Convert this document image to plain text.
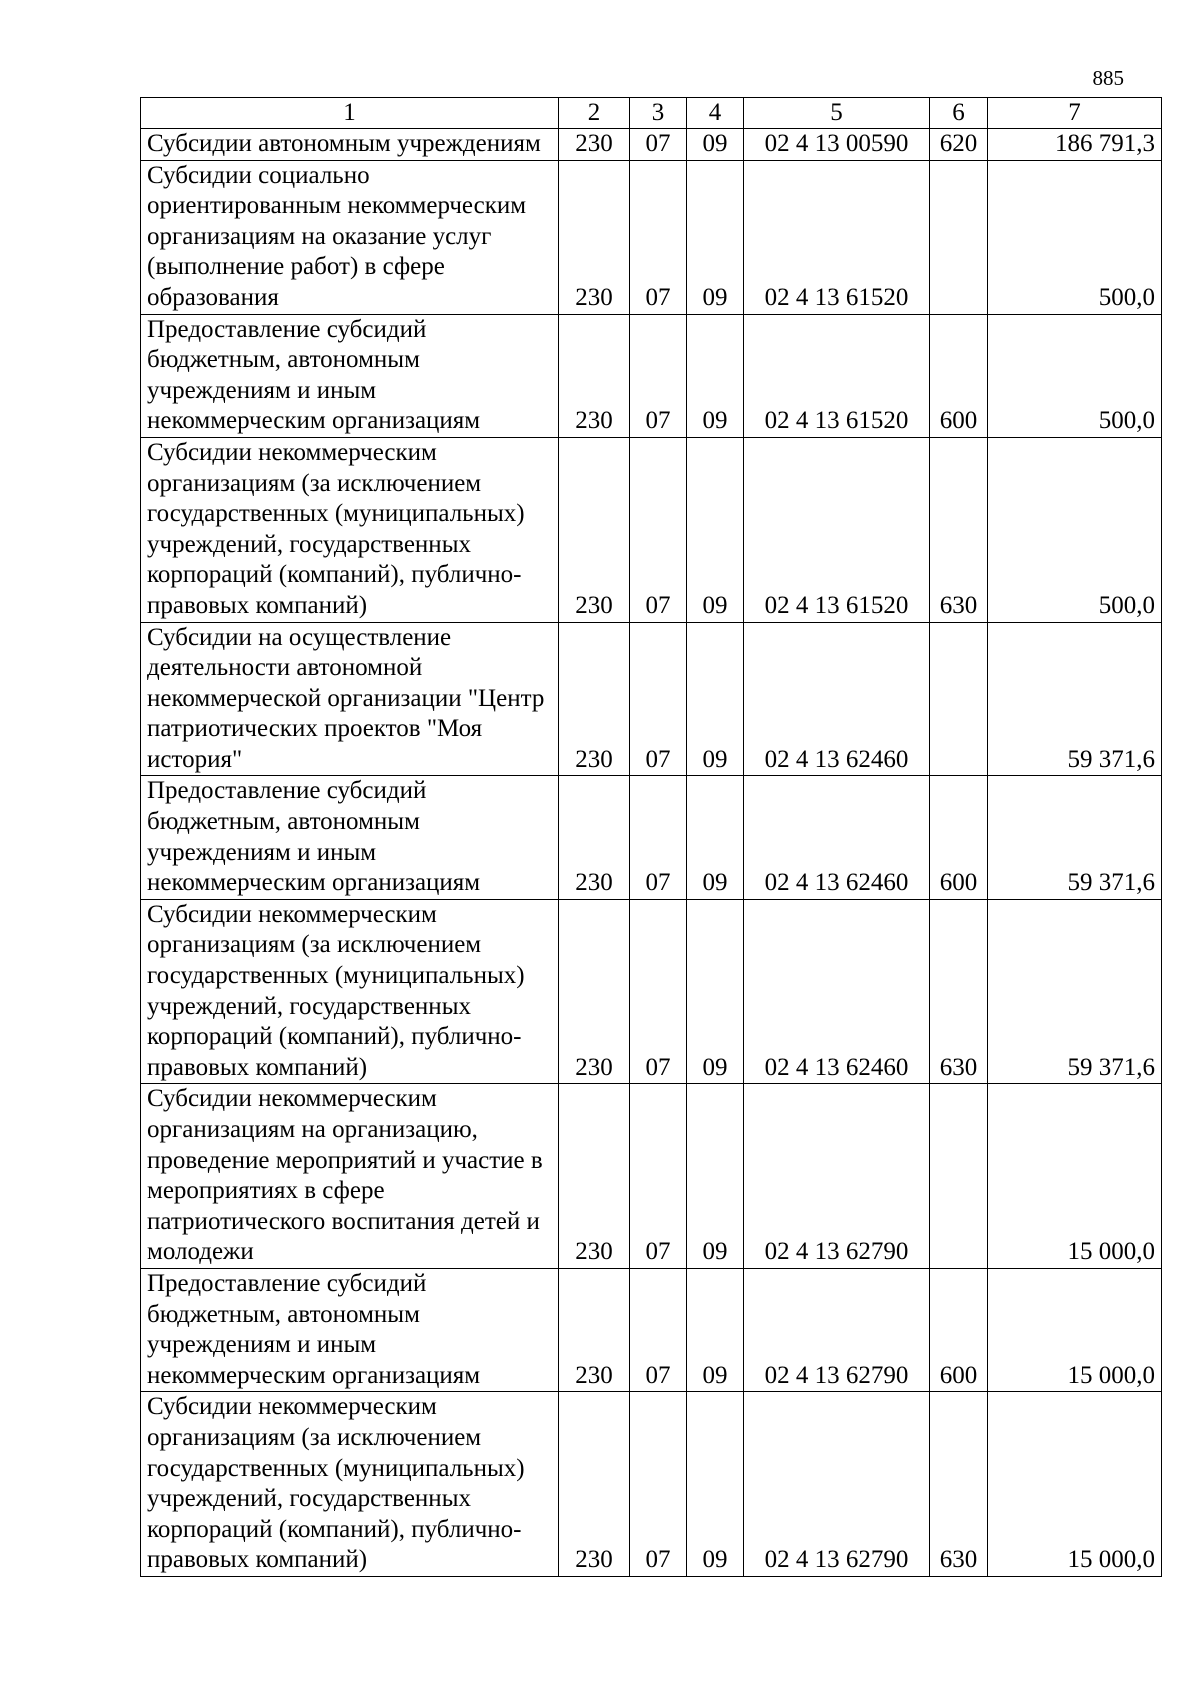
885
1	2	3	4	5	6	7
Субсидии автономным учреждениям	230	07	09	02 4 13 00590	620	186 791,3
Субсидии социально ориентированным некоммерческим организациям на оказание услуг (выполнение работ) в сфере образования	230	07	09	02 4 13 61520		500,0
Предоставление субсидий бюджетным, автономным учреждениям и иным некоммерческим организациям	230	07	09	02 4 13 61520	600	500,0
Субсидии некоммерческим организациям (за исключением государственных (муниципальных) учреждений, государственных корпораций (компаний), публично-правовых компаний)	230	07	09	02 4 13 61520	630	500,0
Субсидии на осуществление деятельности автономной некоммерческой организации "Центр патриотических проектов "Моя история"	230	07	09	02 4 13 62460		59 371,6
Предоставление субсидий бюджетным, автономным учреждениям и иным некоммерческим организациям	230	07	09	02 4 13 62460	600	59 371,6
Субсидии некоммерческим организациям (за исключением государственных (муниципальных) учреждений, государственных корпораций (компаний), публично-правовых компаний)	230	07	09	02 4 13 62460	630	59 371,6
Субсидии некоммерческим организациям на организацию, проведение мероприятий и участие в мероприятиях в сфере патриотического воспитания детей и молодежи	230	07	09	02 4 13 62790		15 000,0
Предоставление субсидий бюджетным, автономным учреждениям и иным некоммерческим организациям	230	07	09	02 4 13 62790	600	15 000,0
Субсидии некоммерческим организациям (за исключением государственных (муниципальных) учреждений, государственных корпораций (компаний), публично-правовых компаний)	230	07	09	02 4 13 62790	630	15 000,0
